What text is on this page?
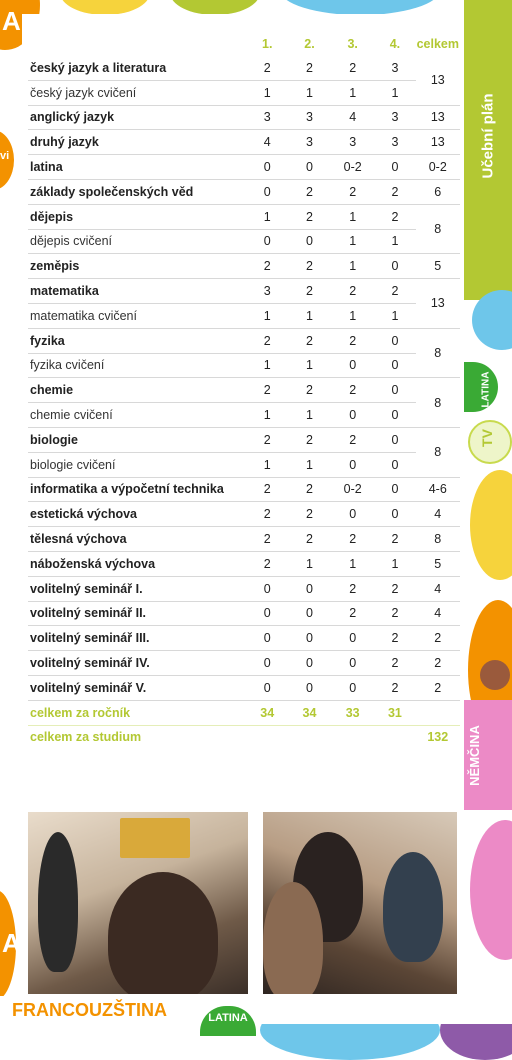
A
vi
A
LATINA
TV
NĚMČINA
	1.	2.	3.	4.	celkem
český jazyk a literatura	2	2	2	3	13
český jazyk cvičení	1	1	1	1	
anglický jazyk	3	3	4	3	13
druhý jazyk	4	3	3	3	13
latina	0	0	0-2	0	0-2
základy společenských věd	0	2	2	2	6
dějepis	1	2	1	2	8
dějepis cvičení	0	0	1	1	
zeměpis	2	2	1	0	5
matematika	3	2	2	2	13
matematika cvičení	1	1	1	1	
fyzika	2	2	2	0	8
fyzika cvičení	1	1	0	0	
chemie	2	2	2	0	8
chemie cvičení	1	1	0	0	
biologie	2	2	2	0	8
biologie cvičení	1	1	0	0	
informatika a výpočetní technika	2	2	0-2	0	4-6
estetická výchova	2	2	0	0	4
tělesná výchova	2	2	2	2	8
náboženská výchova	2	1	1	1	5
volitelný seminář I.	0	0	2	2	4
volitelný seminář II.	0	0	2	2	4
volitelný seminář III.	0	0	0	2	2
volitelný seminář IV.	0	0	0	2	2
volitelný seminář V.	0	0	0	2	2
celkem za ročník	34	34	33	31	
celkem za studium					132
FRANCOUZŠTINA	LATINA
